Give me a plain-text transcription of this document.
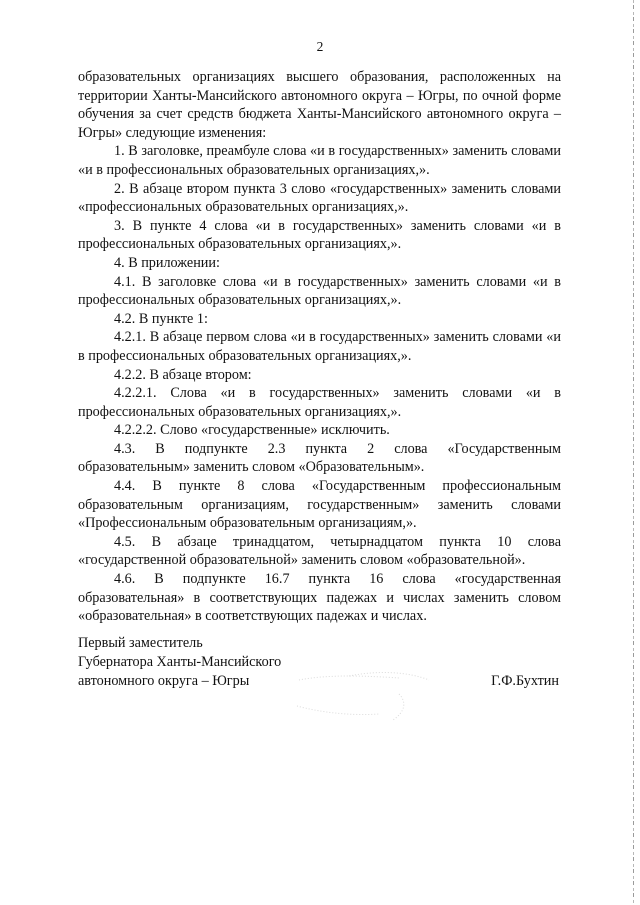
2

образовательных организациях высшего образования, расположенных на территории Ханты-Мансийского автономного округа – Югры, по очной форме обучения за счет средств бюджета Ханты-Мансийского автономного округа – Югры» следующие изменения:

1. В заголовке, преамбуле слова «и в государственных» заменить словами «и в профессиональных образовательных организациях,».

2. В абзаце втором пункта 3 слово «государственных» заменить словами «профессиональных образовательных организациях,».

3. В пункте 4 слова «и в государственных» заменить словами «и в профессиональных образовательных организациях,».

4. В приложении:

4.1. В заголовке слова «и в государственных» заменить словами «и в профессиональных образовательных организациях,».

4.2. В пункте 1:

4.2.1. В абзаце первом слова «и в государственных» заменить словами «и в профессиональных образовательных организациях,».

4.2.2. В абзаце втором:

4.2.2.1. Слова «и в государственных» заменить словами «и в профессиональных образовательных организациях,».

4.2.2.2. Слово «государственные» исключить.

4.3. В подпункте 2.3 пункта 2 слова «Государственным образовательным» заменить словом «Образовательным».

4.4. В пункте 8 слова «Государственным профессиональным образовательным организациям, государственным» заменить словами «Профессиональным образовательным организациям,».

4.5. В абзаце тринадцатом, четырнадцатом пункта 10 слова «государственной образовательной» заменить словом «образовательной».

4.6. В подпункте 16.7 пункта 16 слова «государственная образовательная» в соответствующих падежах и числах заменить словом «образовательная» в соответствующих падежах и числах.

Первый заместитель
Губернатора Ханты-Мансийского
автономного округа – Югры	Г.Ф.Бухтин
